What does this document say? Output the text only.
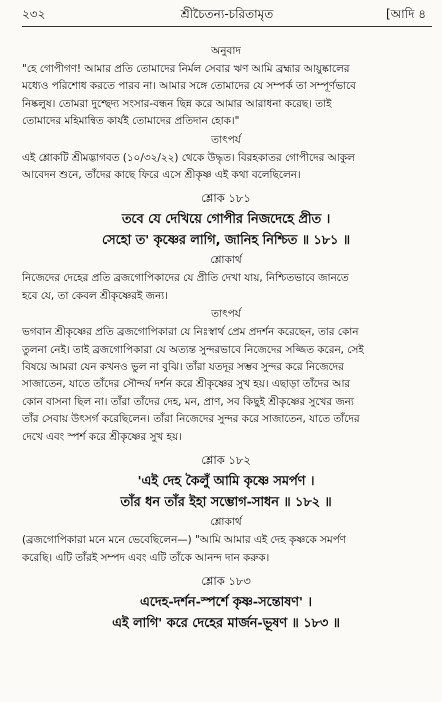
২৩২	শ্রীচৈতন্য-চরিতামৃত	[আদি ৪
অনুবাদ
"হে গোপীগণ! আমার প্রতি তোমাদের নির্মল সেবার ঋণ আমি ব্রহ্মার আয়ুষ্কালের
মধ্যেও পরিশোধ করতে পারব না। আমার সঙ্গে তোমাদের যে সম্পর্ক তা সম্পূর্ণভাবে
নিষ্কলুষ। তোমরা দুশ্ছেদ্য সংসার-বন্ধন ছিন্ন করে আমার আরাধনা করেছ। তাই
তোমাদের মহিমান্বিত কার্যই তোমাদের প্রতিদান হোক।"
তাৎপর্য
এই শ্লোকটি শ্রীমদ্ভাগবত (১০/৩২/২২) থেকে উদ্ধৃত। বিরহকাতর গোপীদের আকুল
আবেদন শুনে, তাঁদের কাছে ফিরে এসে শ্রীকৃষ্ণ এই কথা বলেছিলেন।
শ্লোক ১৮১
তবে যে দেখিয়ে গোপীর নিজদেহে প্রীত ।
সেহো ত' কৃষ্ণের লাগি, জানিহ নিশ্চিত ॥ ১৮১ ॥
শ্লোকার্থ
নিজেদের দেহের প্রতি ব্রজগোপিকাদের যে প্রীতি দেখা যায়, নিশ্চিতভাবে জানতে
হবে যে, তা কেবল শ্রীকৃষ্ণেরই জন্য।
তাৎপর্য
ভগবান শ্রীকৃষ্ণের প্রতি ব্রজগোপিকারা যে নিঃস্বার্থ প্রেম প্রদর্শন করেছেন, তার কোন
তুলনা নেই। তাই ব্রজগোপিকারা যে অত্যন্ত সুন্দরভাবে নিজেদের সজ্জিত করেন, সেই
বিষয়ে আমরা যেন কখনও ভুল না বুঝি। তাঁরা যতদূর সম্ভব সুন্দর করে নিজেদের
সাজাতেন, যাতে তাঁদের সৌন্দর্য দর্শন করে শ্রীকৃষ্ণের সুখ হয়। এছাড়া তাঁদের আর
কোন বাসনা ছিল না। তাঁরা তাঁদের দেহ, মন, প্রাণ, সব কিছুই শ্রীকৃষ্ণের সুখের জন্য
তাঁর সেবায় উৎসর্গ করেছিলেন। তাঁরা নিজেদের সুন্দর করে সাজাতেন, যাতে তাঁদের
দেখে এবং স্পর্শ করে শ্রীকৃষ্ণের সুখ হয়।
শ্লোক ১৮২
'এই দেহ কৈলুঁ আমি কৃষ্ণে সমর্পণ ।
তাঁর ধন তাঁর ইহা সম্ভোগ-সাধন ॥ ১৮২ ॥
শ্লোকার্থ
(ব্রজগোপিকারা মনে মনে ভেবেছিলেন—) "আমি আমার এই দেহ কৃষ্ণকে সমর্পণ
করেছি। এটি তাঁরই সম্পদ এবং এটি তাঁকে আনন্দ দান করুক।
শ্লোক ১৮৩
এদেহ-দর্শন-স্পর্শে কৃষ্ণ-সন্তোষণ' ।
এই লাগি' করে দেহের মার্জন-ভূষণ ॥ ১৮৩ ॥
